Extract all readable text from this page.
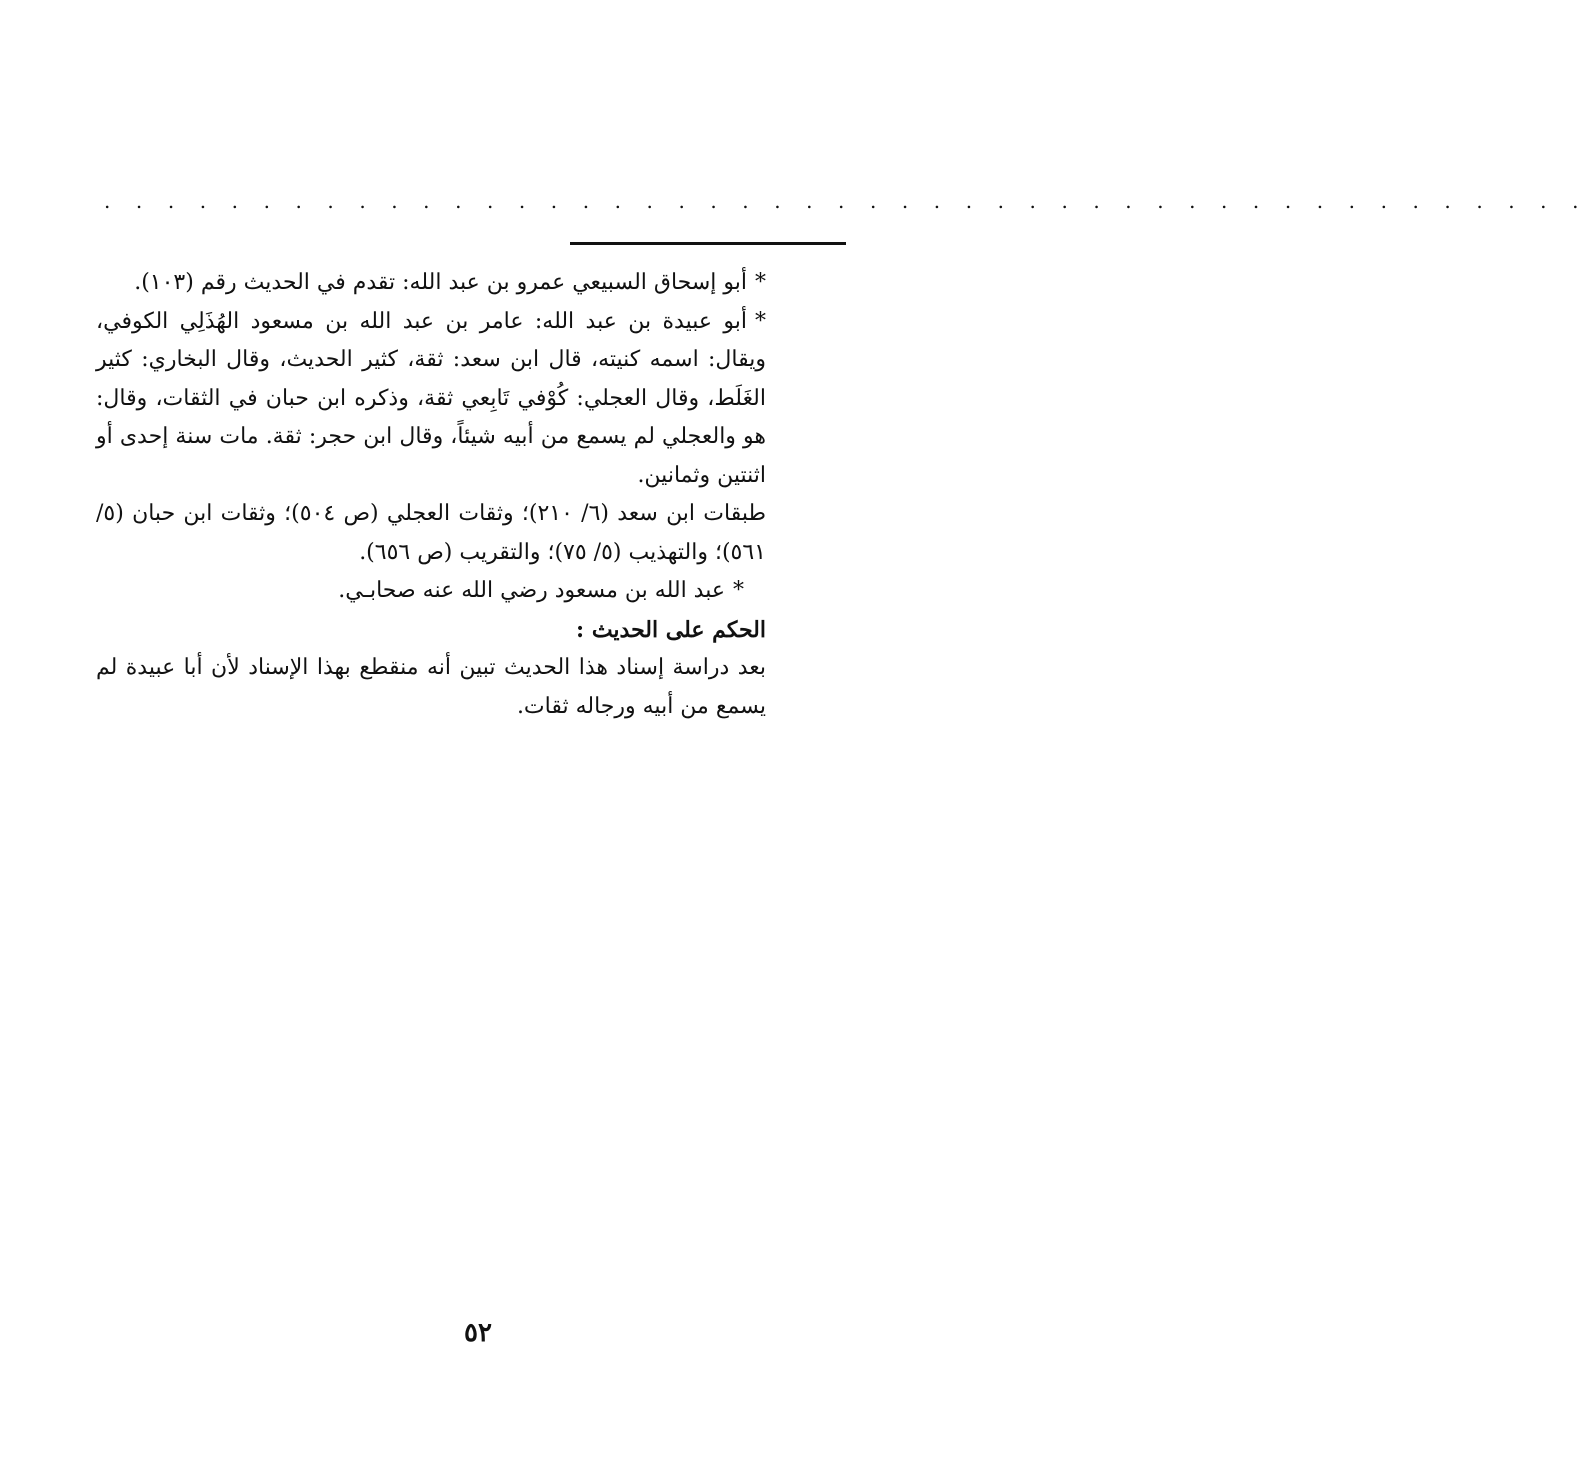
. . . . . . . . . . . . . . . . . . . . . . . . . . . . . . . . . . . . . . . . . . . . . . .

*أبو إسحاق السبيعي عمرو بن عبد الله: تقدم في الحديث رقم (١٠٣).

*أبو عبيدة بن عبد الله: عامر بن عبد الله بن مسعود الهُذَلِي الكوفي، ويقال: اسمه كنيته، قال ابن سعد: ثقة، كثير الحديث، وقال البخاري: كثير الغَلَط، وقال العجلي: كُوْفي تَابِعي ثقة، وذكره ابن حبان في الثقات، وقال: هو والعجلي لم يسمع من أبيه شيئاً، وقال ابن حجر: ثقة. مات سنة إحدى أو اثنتين وثمانين.

طبقات ابن سعد (٦/ ٢١٠)؛ وثقات العجلي (ص ٥٠٤)؛ وثقات ابن حبان (٥/ ٥٦١)؛ والتهذيب (٥/ ٧٥)؛ والتقريب (ص ٦٥٦).

*عبد الله بن مسعود رضي الله عنه صحابـي.

الحكم على الحديث :

بعد دراسة إسناد هذا الحديث تبين أنه منقطع بهذا الإسناد لأن أبا عبيدة لم يسمع من أبيه ورجاله ثقات.

٥٢
